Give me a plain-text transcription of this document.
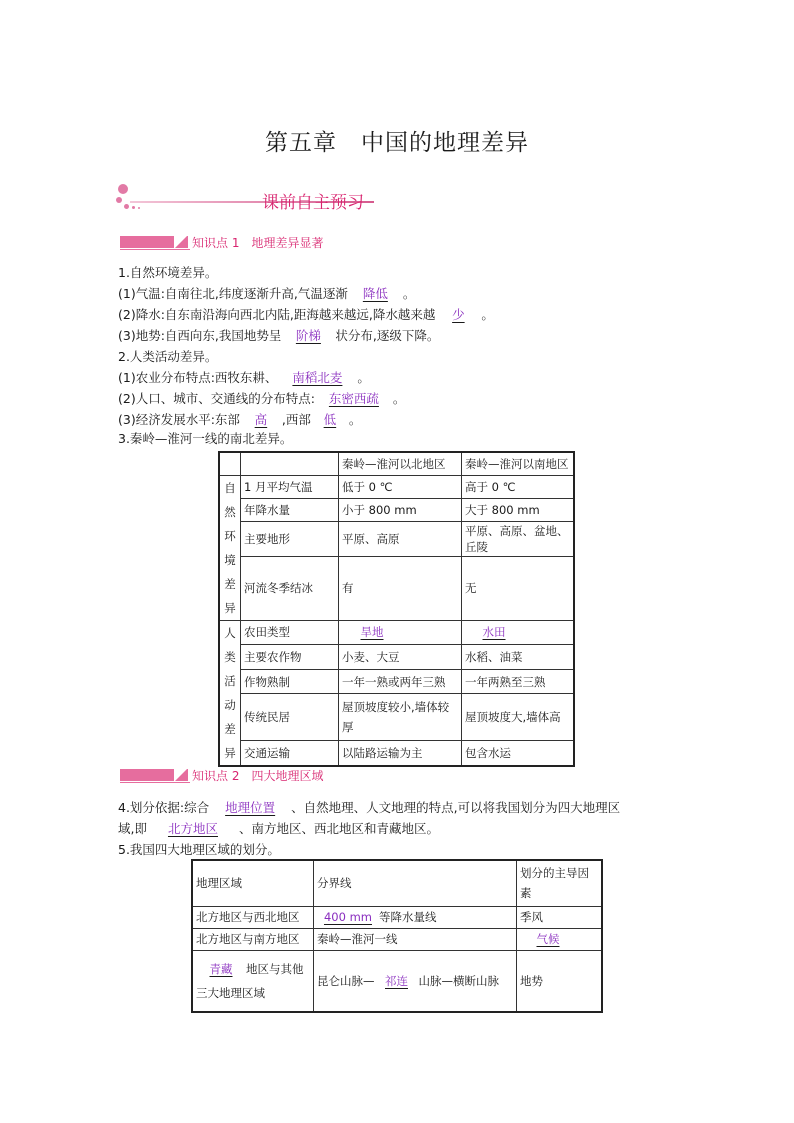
第五章　中国的地理差异
课前自主预习
知识点 1　地理差异显著
1.自然环境差异。
(1)气温:自南往北,纬度逐渐升高,气温逐渐 降低 。
(2)降水:自东南沿海向西北内陆,距海越来越远,降水越来越 少 。
(3)地势:自西向东,我国地势呈 阶梯 状分布,逐级下降。
2.人类活动差异。
(1)农业分布特点:西牧东耕、 南稻北麦 。
(2)人口、城市、交通线的分布特点: 东密西疏 。
(3)经济发展水平:东部 高 ,西部 低 。
3.秦岭—淮河一线的南北差异。
		秦岭—淮河以北地区	秦岭—淮河以南地区
自然环境差异	1 月平均气温	低于 0 ℃	高于 0 ℃
	年降水量	小于 800 mm	大于 800 mm
	主要地形	平原、高原	平原、高原、盆地、丘陵
	河流冬季结冰	有	无
人类活动差异	农田类型	旱地	水田
	主要农作物	小麦、大豆	水稻、油菜
	作物熟制	一年一熟或两年三熟	一年两熟至三熟
	传统民居	屋顶坡度较小,墙体较厚	屋顶坡度大,墙体高
	交通运输	以陆路运输为主	包含水运
知识点 2　四大地理区域
4.划分依据:综合 地理位置 、自然地理、人文地理的特点,可以将我国划分为四大地理区
域,即 北方地区 、南方地区、西北地区和青藏地区。
5.我国四大地理区域的划分。
地理区域	分界线	划分的主导因素
北方地区与西北地区	400 mm 等降水量线	季风
北方地区与南方地区	秦岭—淮河一线	气候
青藏 地区与其他三大地理区域	昆仑山脉— 祁连 山脉—横断山脉	地势
